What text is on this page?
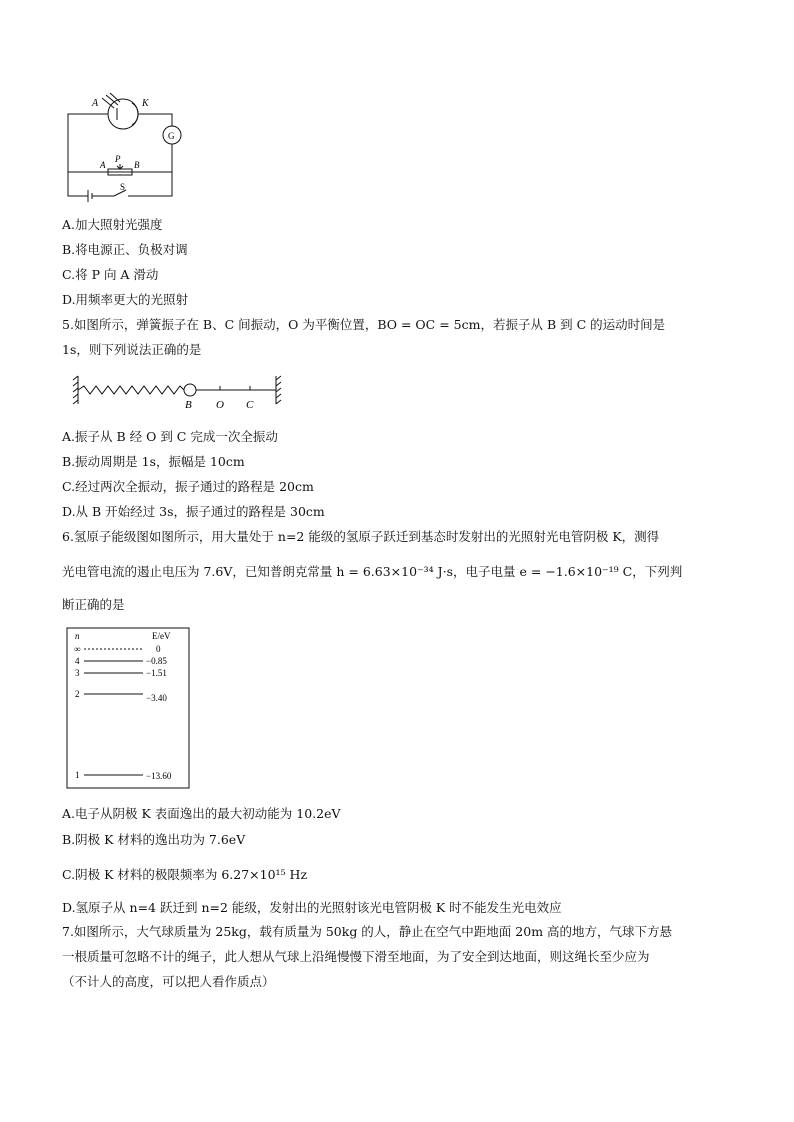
A	K
G
P
A	B
S
A.加大照射光强度
B.将电源正、负极对调
C.将 P 向 A 滑动
D.用频率更大的光照射
5.如图所示，弹簧振子在 B、C 间振动，O 为平衡位置，BO = OC = 5cm，若振子从 B 到 C 的运动时间是
1s，则下列说法正确的是
B O C
A.振子从 B 经 O 到 C 完成一次全振动
B.振动周期是 1s，振幅是 10cm
C.经过两次全振动，振子通过的路程是 20cm
D.从 B 开始经过 3s，振子通过的路程是 30cm
6.氢原子能级图如图所示，用大量处于 n=2 能级的氢原子跃迁到基态时发射出的光照射光电管阴极 K，测得
光电管电流的遏止电压为 7.6V，已知普朗克常量 h = 6.63×10⁻³⁴ J·s，电子电量 e = −1.6×10⁻¹⁹ C，下列判
断正确的是
n	E/eV
∞	0
4	−0.85
3	−1.51
2	−3.40
1	−13.60
A.电子从阴极 K 表面逸出的最大初动能为 10.2eV
B.阴极 K 材料的逸出功为 7.6eV
C.阴极 K 材料的极限频率为 6.27×10¹⁵ Hz
D.氢原子从 n=4 跃迁到 n=2 能级，发射出的光照射该光电管阴极 K 时不能发生光电效应
7.如图所示，大气球质量为 25kg，载有质量为 50kg 的人，静止在空气中距地面 20m 高的地方，气球下方悬
一根质量可忽略不计的绳子，此人想从气球上沿绳慢慢下滑至地面，为了安全到达地面，则这绳长至少应为
（不计人的高度，可以把人看作质点）
